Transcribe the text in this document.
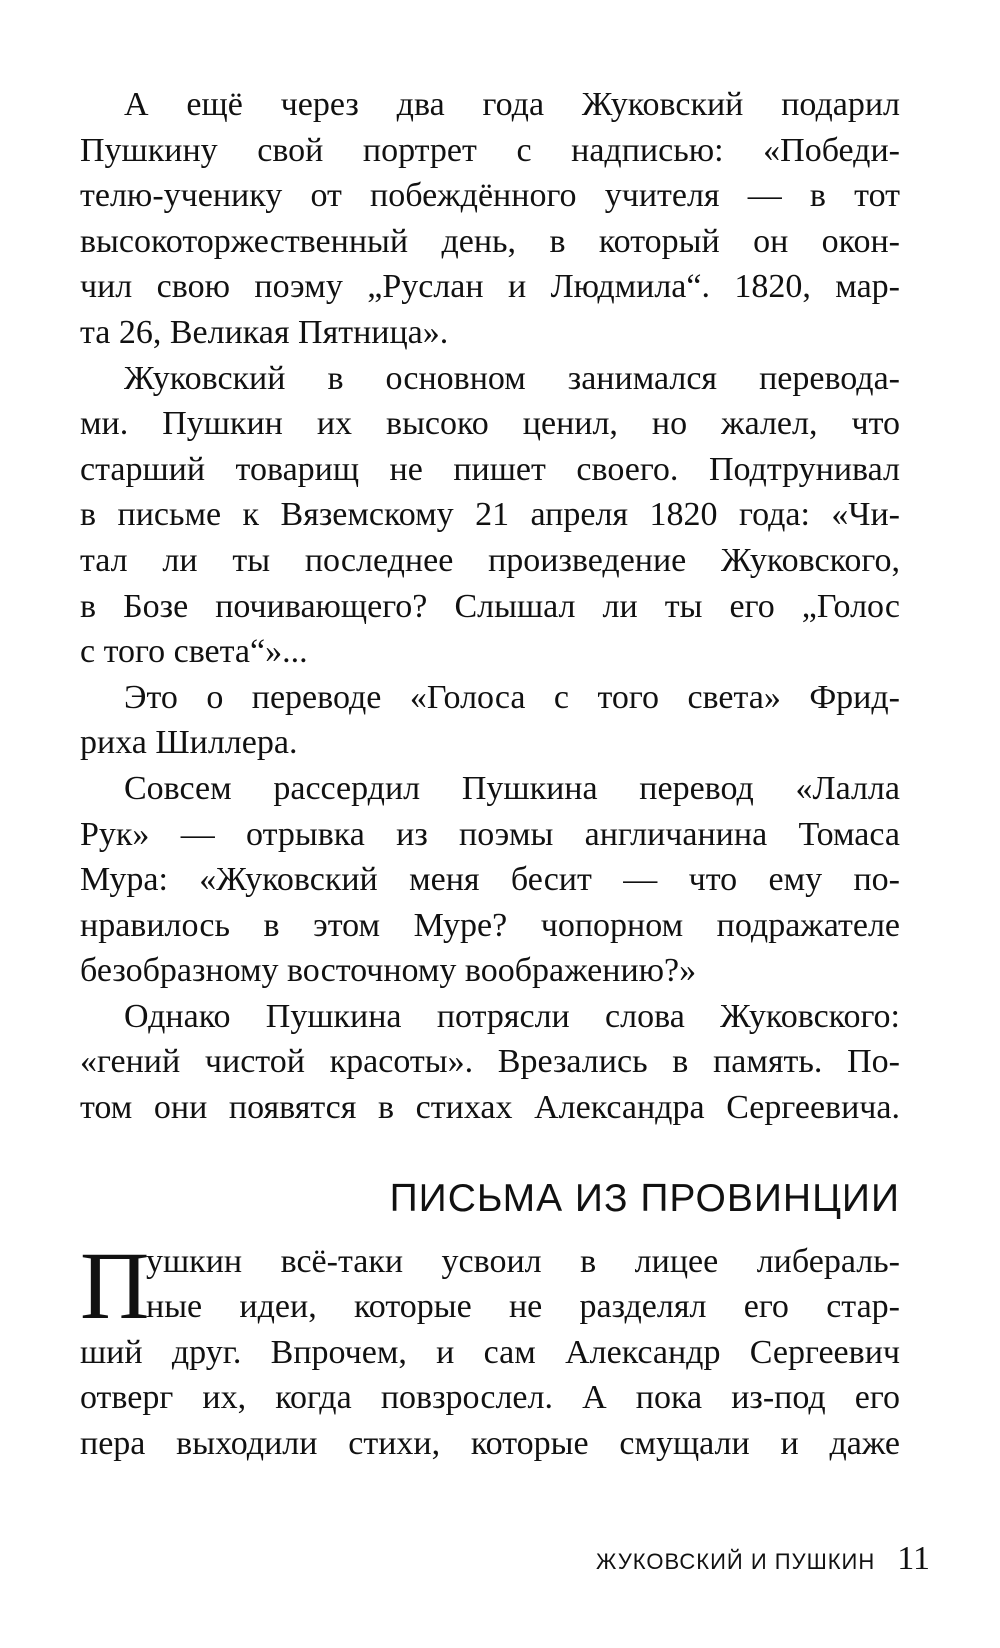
А ещё через два года Жуковский подарил
Пушкину свой портрет с надписью: «Победи-
телю-ученику от побеждённого учителя — в тот
высокоторжественный день, в который он окон-
чил свою поэму „Руслан и Людмила“. 1820, мар-
та 26, Великая Пятница».
Жуковский в основном занимался перевода-
ми. Пушкин их высоко ценил, но жалел, что
старший товарищ не пишет своего. Подтрунивал
в письме к Вяземскому 21 апреля 1820 года: «Чи-
тал ли ты последнее произведение Жуковского,
в Бозе почивающего? Слышал ли ты его „Голос
с того света“»...
Это о переводе «Голоса с того света» Фрид-
риха Шиллера.
Совсем рассердил Пушкина перевод «Лалла
Рук» — отрывка из поэмы англичанина Томаса
Мура: «Жуковский меня бесит — что ему по-
нравилось в этом Муре? чопорном подражателе
безобразному восточному воображению?»
Однако Пушкина потрясли слова Жуковского:
«гений чистой красоты». Врезались в память. По-
том они появятся в стихах Александра Сергеевича.
ПИСЬМА ИЗ ПРОВИНЦИИ
П
ушкин всё-таки усвоил в лицее либераль-
ные идеи, которые не разделял его стар-
ший друг. Впрочем, и сам Александр Сергеевич
отверг их, когда повзрослел. А пока из-под его
пера выходили стихи, которые смущали и даже
ЖУКОВСКИЙ И ПУШКИН 11
